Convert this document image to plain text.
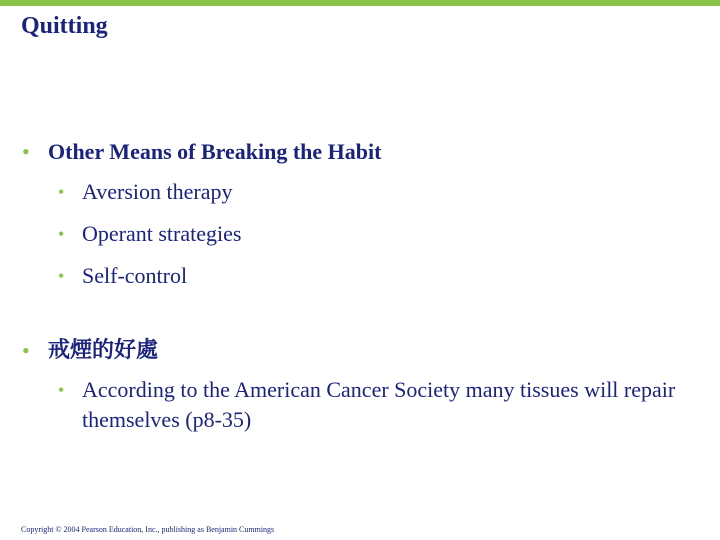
Quitting
• Other Means of Breaking the Habit
• Aversion therapy
• Operant strategies
• Self-control
• 戒煙的好處
• According to the American Cancer Society many tissues will repair themselves (p8-35)
Copyright © 2004 Pearson Education, Inc., publishing as Benjamin Cummings
